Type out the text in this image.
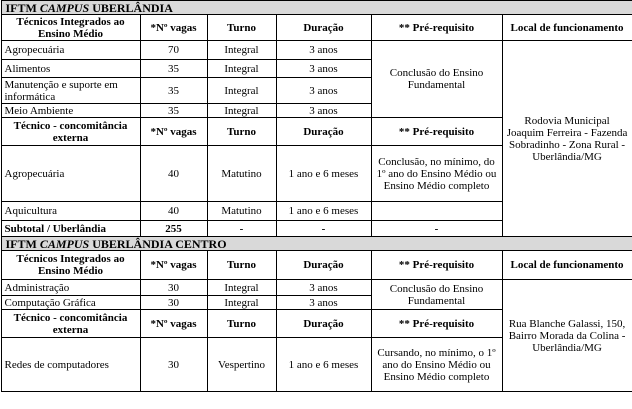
IFTM CAMPUS UBERLÂNDIA						
Técnicos Integrados ao Ensino Médio	*Nº vagas	Turno	Duração	** Pré-requisito	Local de funcionamento	
Agropecuária	70	Integral	3 anos	Conclusão do Ensino Fundamental	Rodovia Municipal Joaquim Ferreira - Fazenda Sobradinho - Zona Rural - Uberlândia/MG	
Alimentos	35	Integral	3 anos			
Manutenção e suporte em informática	35	Integral	3 anos			
Meio Ambiente	35	Integral	3 anos			
Técnico - concomitância externa	*Nº vagas	Turno	Duração	** Pré-requisito		
Agropecuária	40	Matutino	1 ano e 6 meses	Conclusão, no mínimo, do 1º ano do Ensino Médio ou Ensino Médio completo		
Aquicultura	40	Matutino	1 ano e 6 meses			
Subtotal / Uberlândia	255	-	-	-	
IFTM CAMPUS UBERLÂNDIA CENTRO						
Técnicos Integrados ao Ensino Médio	*Nº vagas	Turno	Duração	** Pré-requisito	Local de funcionamento	
Administração	30	Integral	3 anos	Conclusão do Ensino Fundamental	Rua Blanche Galassi, 150, Bairro Morada da Colina - Uberlândia/MG	
Computação Gráfica	30	Integral	3 anos			
Técnico - concomitância externa	*Nº vagas	Turno	Duração	** Pré-requisito		
Redes de computadores	30	Vespertino	1 ano e 6 meses	Cursando, no mínimo, o 1º ano do Ensino Médio ou Ensino Médio completo		
